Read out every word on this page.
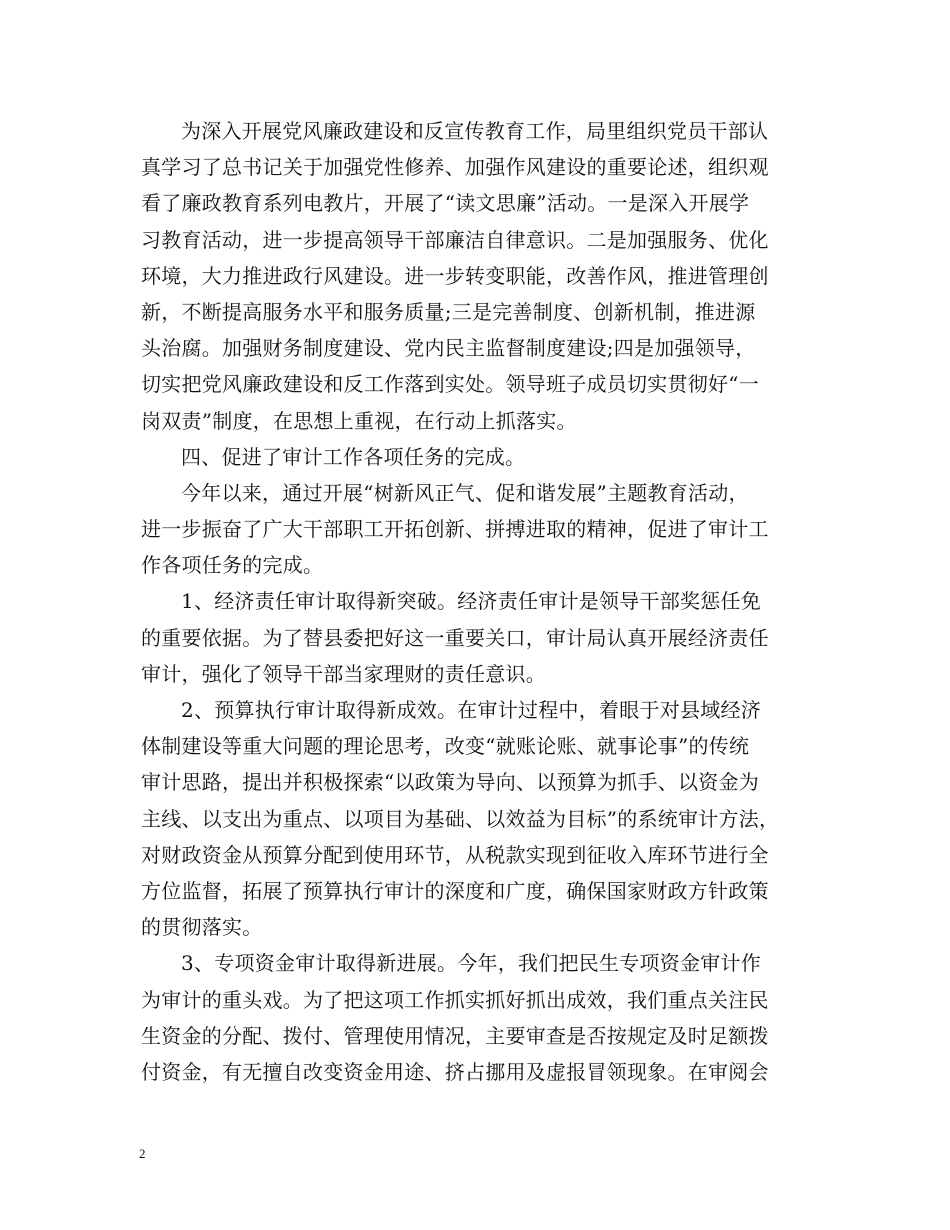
为深入开展党风廉政建设和反宣传教育工作，局里组织党员干部认
真学习了总书记关于加强党性修养、加强作风建设的重要论述，组织观
看了廉政教育系列电教片，开展了“读文思廉”活动。一是深入开展学
习教育活动，进一步提高领导干部廉洁自律意识。二是加强服务、优化
环境，大力推进政行风建设。进一步转变职能，改善作风，推进管理创
新，不断提高服务水平和服务质量;三是完善制度、创新机制，推进源
头治腐。加强财务制度建设、党内民主监督制度建设;四是加强领导，
切实把党风廉政建设和反工作落到实处。领导班子成员切实贯彻好“一
岗双责”制度，在思想上重视，在行动上抓落实。
四、促进了审计工作各项任务的完成。
今年以来，通过开展“树新风正气、促和谐发展”主题教育活动，
进一步振奋了广大干部职工开拓创新、拼搏进取的精神，促进了审计工
作各项任务的完成。
1、经济责任审计取得新突破。经济责任审计是领导干部奖惩任免
的重要依据。为了替县委把好这一重要关口，审计局认真开展经济责任
审计，强化了领导干部当家理财的责任意识。
2、预算执行审计取得新成效。在审计过程中，着眼于对县域经济
体制建设等重大问题的理论思考，改变“就账论账、就事论事”的传统
审计思路，提出并积极探索“以政策为导向、以预算为抓手、以资金为
主线、以支出为重点、以项目为基础、以效益为目标”的系统审计方法，
对财政资金从预算分配到使用环节，从税款实现到征收入库环节进行全
方位监督，拓展了预算执行审计的深度和广度，确保国家财政方针政策
的贯彻落实。
3、专项资金审计取得新进展。今年，我们把民生专项资金审计作
为审计的重头戏。为了把这项工作抓实抓好抓出成效，我们重点关注民
生资金的分配、拨付、管理使用情况，主要审查是否按规定及时足额拨
付资金，有无擅自改变资金用途、挤占挪用及虚报冒领现象。在审阅会
2
